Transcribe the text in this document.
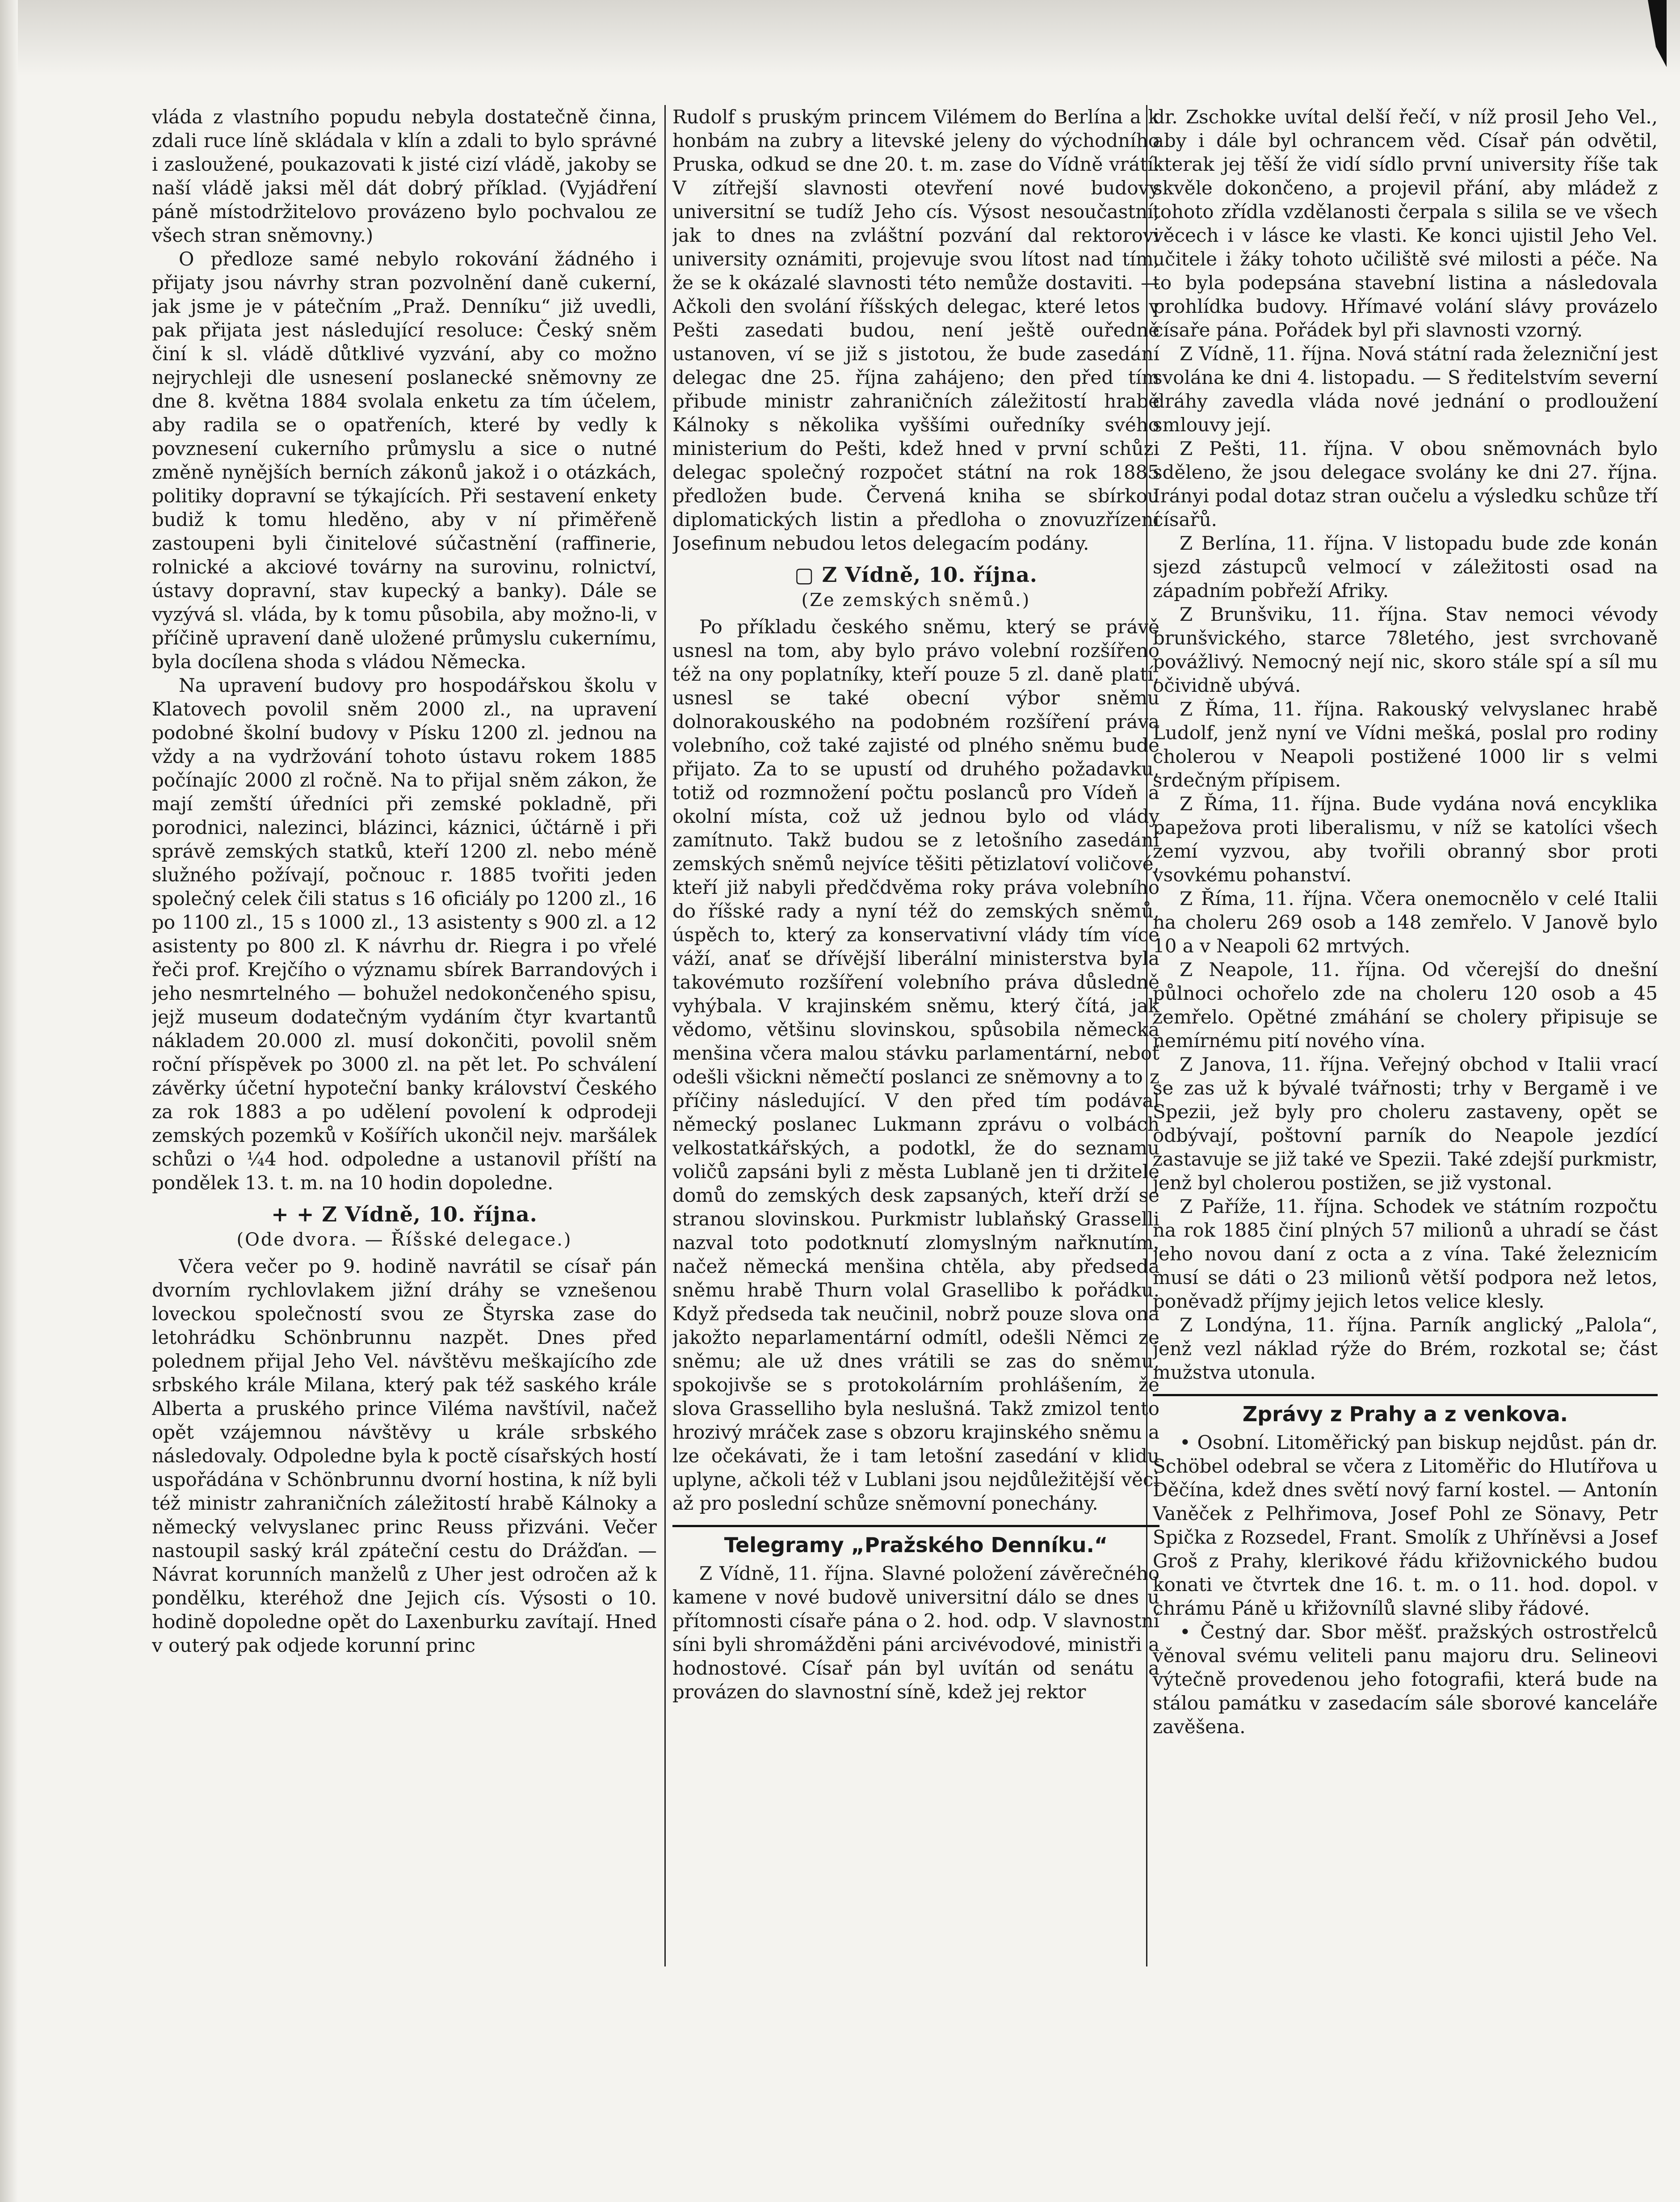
vláda z vlastního popudu nebyla dostatečně činna, zdali ruce líně skládala v klín a zdali to bylo správné i zasloužené, poukazovati k jisté cizí vládě, jakoby se naší vládě jaksi měl dát dobrý příklad. (Vyjádření páně místodržitelovo provázeno bylo pochvalou ze všech stran sněmovny.)

O předloze samé nebylo rokování žádného i přijaty jsou návrhy stran pozvolnění daně cukerní, jak jsme je v pátečním „Praž. Denníku“ již uvedli, pak přijata jest následující resoluce: Český sněm činí k sl. vládě důtklivé vyzvání, aby co možno nejrychleji dle usnesení poslanecké sněmovny ze dne 8. května 1884 svolala enketu za tím účelem, aby radila se o opatřeních, které by vedly k povznesení cukerního průmyslu a sice o nutné změně nynějších berních zákonů jakož i o otázkách, politiky dopravní se týkajících. Při sestavení enkety budiž k tomu hleděno, aby v ní přiměřeně zastoupeni byli činitelové súčastnění (raffinerie, rolnické a akciové továrny na surovinu, rolnictví, ústavy dopravní, stav kupecký a banky). Dále se vyzývá sl. vláda, by k tomu působila, aby možno-li, v příčině upravení daně uložené průmyslu cukernímu, byla docílena shoda s vládou Německa.

Na upravení budovy pro hospodářskou školu v Klatovech povolil sněm 2000 zl., na upravení podobné školní budovy v Písku 1200 zl. jednou na vždy a na vydržování tohoto ústavu rokem 1885 počínajíc 2000 zl ročně. Na to přijal sněm zákon, že mají zemští úředníci při zemské pokladně, při porodnici, nalezinci, blázinci, káznici, účtárně i při správě zemských statků, kteří 1200 zl. nebo méně služného požívají, počnouc r. 1885 tvořiti jeden společný celek čili status s 16 oficiály po 1200 zl., 16 po 1100 zl., 15 s 1000 zl., 13 asistenty s 900 zl. a 12 asistenty po 800 zl. K návrhu dr. Riegra i po vřelé řeči prof. Krejčího o významu sbírek Barrandových i jeho nesmrtelného — bohužel nedokončeného spisu, jejž museum dodatečným vydáním čtyr kvartantů nákladem 20.000 zl. musí dokončiti, povolil sněm roční příspěvek po 3000 zl. na pět let. Po schválení závěrky účetní hypoteční banky království Českého za rok 1883 a po udělení povolení k odprodeji zemských pozemků v Košířích ukončil nejv. maršálek schůzi o ¼4 hod. odpoledne a ustanovil příští na pondělek 13. t. m. na 10 hodin dopoledne.

+ + Z Vídně, 10. října.
(Ode dvora. — Říšské delegace.)

Včera večer po 9. hodině navrátil se císař pán dvorním rychlovlakem jižní dráhy se vznešenou loveckou společností svou ze Štyrska zase do letohrádku Schönbrunnu nazpět. Dnes před polednem přijal Jeho Vel. návštěvu meškajícího zde srbského krále Milana, který pak též saského krále Alberta a pruského prince Viléma navštívil, načež opět vzájemnou návštěvy u krále srbského následovaly. Odpoledne byla k poctě císařských hostí uspořádána v Schönbrunnu dvorní hostina, k níž byli též ministr zahraničních záležitostí hrabě Kálnoky a německý velvyslanec princ Reuss přizváni. Večer nastoupil saský král zpáteční cestu do Drážďan. — Návrat korunních manželů z Uher jest odročen až k pondělku, kteréhož dne Jejich cís. Výsosti o 10. hodině dopoledne opět do Laxenburku zavítají. Hned v outerý pak odjede korunní princ

Rudolf s pruským princem Vilémem do Berlína a k honbám na zubry a litevské jeleny do východního Pruska, odkud se dne 20. t. m. zase do Vídně vrátí. V zítřejší slavnosti otevření nové budovy universitní se tudíž Jeho cís. Výsost nesoučastní, jak to dnes na zvláštní pozvání dal rektorovi university oznámiti, projevuje svou lítost nad tím, že se k okázalé slavnosti této nemůže dostaviti. — Ačkoli den svolání říšských delegac, které letos v Pešti zasedati budou, není ještě ouředně ustanoven, ví se již s jistotou, že bude zasedání delegac dne 25. října zahájeno; den před tím přibude ministr zahraničních záležitostí hrabě Kálnoky s několika vyššími ouředníky svého ministerium do Pešti, kdež hned v první schůzi delegac společný rozpočet státní na rok 1885 předložen bude. Červená kniha se sbírkou diplomatických listin a předloha o znovuzřízení Josefinum nebudou letos delegacím podány.

▢ Z Vídně, 10. října.
(Ze zemských sněmů.)

Po příkladu českého sněmu, který se právě usnesl na tom, aby bylo právo volební rozšířeno též na ony poplatníky, kteří pouze 5 zl. daně platí, usnesl se také obecní výbor sněmu dolnorakouského na podobném rozšíření práva volebního, což také zajisté od plného sněmu bude přijato. Za to se upustí od druhého požadavku, totiž od rozmnožení počtu poslanců pro Vídeň a okolní místa, což už jednou bylo od vlády zamítnuto. Takž budou se z letošního zasedání zemských sněmů nejvíce těšiti pětizlatoví voličové, kteří již nabyli předčdvěma roky práva volebního do říšské rady a nyní též do zemských sněmů, úspěch to, který za konservativní vlády tím více váží, anať se dřívější liberální ministerstva byla takovémuto rozšíření volebního práva důsledně vyhýbala. V krajinském sněmu, který čítá, jak vědomo, většinu slovinskou, spůsobila německá menšina včera malou stávku parlamentární, neboť odešli všickni němečtí poslanci ze sněmovny a to z příčiny následující. V den před tím podával německý poslanec Lukmann zprávu o volbách velkostatkářských, a podotkl, že do seznamu voličů zapsáni byli z města Lublaně jen ti držitelé domů do zemských desk zapsaných, kteří drží se stranou slovinskou. Purkmistr lublaňský Grasselli nazval toto podotknutí zlomyslným nařknutím, načež německá menšina chtěla, aby předseda sněmu hrabě Thurn volal Grasellibo k pořádku. Když předseda tak neučinil, nobrž pouze slova ona jakožto neparlamentární odmítl, odešli Němci ze sněmu; ale už dnes vrátili se zas do sněmu, spokojivše se s protokolárním prohlášením, že slova Grasselliho byla neslušná. Takž zmizol tento hrozivý mráček zase s obzoru krajinského sněmu a lze očekávati, že i tam letošní zasedání v klidu uplyne, ačkoli též v Lublani jsou nejdůležitější věci až pro poslední schůze sněmovní ponechány.

Telegramy „Pražského Denníku.“

Z Vídně, 11. října. Slavné položení závěrečného kamene v nové budově universitní dálo se dnes u přítomnosti císaře pána o 2. hod. odp. V slavnostní síni byli shromážděni páni arcivévodové, ministři a hodnostové. Císař pán byl uvítán od senátu a provázen do slavnostní síně, kdež jej rektor

dr. Zschokke uvítal delší řečí, v níž prosil Jeho Vel., aby i dále byl ochrancem věd. Císař pán odvětil, kterak jej těší že vidí sídlo první university říše tak skvěle dokončeno, a projevil přání, aby mládež z tohoto zřídla vzdělanosti čerpala s silila se ve všech věcech i v lásce ke vlasti. Ke konci ujistil Jeho Vel. učitele i žáky tohoto učiliště své milosti a péče. Na to byla podepsána stavební listina a následovala prohlídka budovy. Hřímavé volání slávy provázelo císaře pána. Pořádek byl při slavnosti vzorný.

Z Vídně, 11. října. Nová státní rada železniční jest svolána ke dni 4. listopadu. — S ředitelstvím severní dráhy zavedla vláda nové jednání o prodloužení smlouvy její.

Z Pešti, 11. října. V obou sněmovnách bylo sděleno, že jsou delegace svolány ke dni 27. října. Irányi podal dotaz stran oučelu a výsledku schůze tří císařů.

Z Berlína, 11. října. V listopadu bude zde konán sjezd zástupců velmocí v záležitosti osad na západním pobřeží Afriky.

Z Brunšviku, 11. října. Stav nemoci vévody brunšvického, starce 78letého, jest svrchovaně povážlivý. Nemocný nejí nic, skoro stále spí a síl mu očividně ubývá.

Z Říma, 11. října. Rakouský velvyslanec hrabě Ludolf, jenž nyní ve Vídni mešká, poslal pro rodiny cholerou v Neapoli postižené 1000 lir s velmi srdečným přípisem.

Z Říma, 11. října. Bude vydána nová encyklika papežova proti liberalismu, v níž se katolíci všech zemí vyzvou, aby tvořili obranný sbor proti vsovkému pohanství.

Z Říma, 11. října. Včera onemocnělo v celé Italii na choleru 269 osob a 148 zemřelo. V Janově bylo 10 a v Neapoli 62 mrtvých.

Z Neapole, 11. října. Od včerejší do dnešní půlnoci ochořelo zde na choleru 120 osob a 45 zemřelo. Opětné zmáhání se cholery připisuje se nemírnému pití nového vína.

Z Janova, 11. října. Veřejný obchod v Italii vrací se zas už k bývalé tvářnosti; trhy v Bergamě i ve Spezii, jež byly pro choleru zastaveny, opět se odbývají, poštovní parník do Neapole jezdící zastavuje se již také ve Spezii. Také zdejší purkmistr, jenž byl cholerou postižen, se již vystonal.

Z Paříže, 11. října. Schodek ve státním rozpočtu na rok 1885 činí plných 57 milionů a uhradí se část jeho novou daní z octa a z vína. Také železnicím musí se dáti o 23 milionů větší podpora než letos, poněvadž příjmy jejich letos velice klesly.

Z Londýna, 11. října. Parník anglický „Palola“, jenž vezl náklad rýže do Brém, rozkotal se; část mužstva utonula.

Zprávy z Prahy a z venkova.

• Osobní. Litoměřický pan biskup nejdůst. pán dr. Schöbel odebral se včera z Litoměřic do Hlutířova u Děčína, kdež dnes světí nový farní kostel. — Antonín Vaněček z Pelhřimova, Josef Pohl ze Sönavy, Petr Spička z Rozsedel, Frant. Smolík z Uhříněvsi a Josef Groš z Prahy, klerikové řádu křižovnického budou konati ve čtvrtek dne 16. t. m. o 11. hod. dopol. v chrámu Páně u křižovnílů slavné sliby řádové.

• Čestný dar. Sbor měšť. pražských ostrostřelců věnoval svému veliteli panu majoru dru. Selineovi výtečně provedenou jeho fotografii, která bude na stálou památku v zasedacím sále sborové kanceláře zavěšena.
